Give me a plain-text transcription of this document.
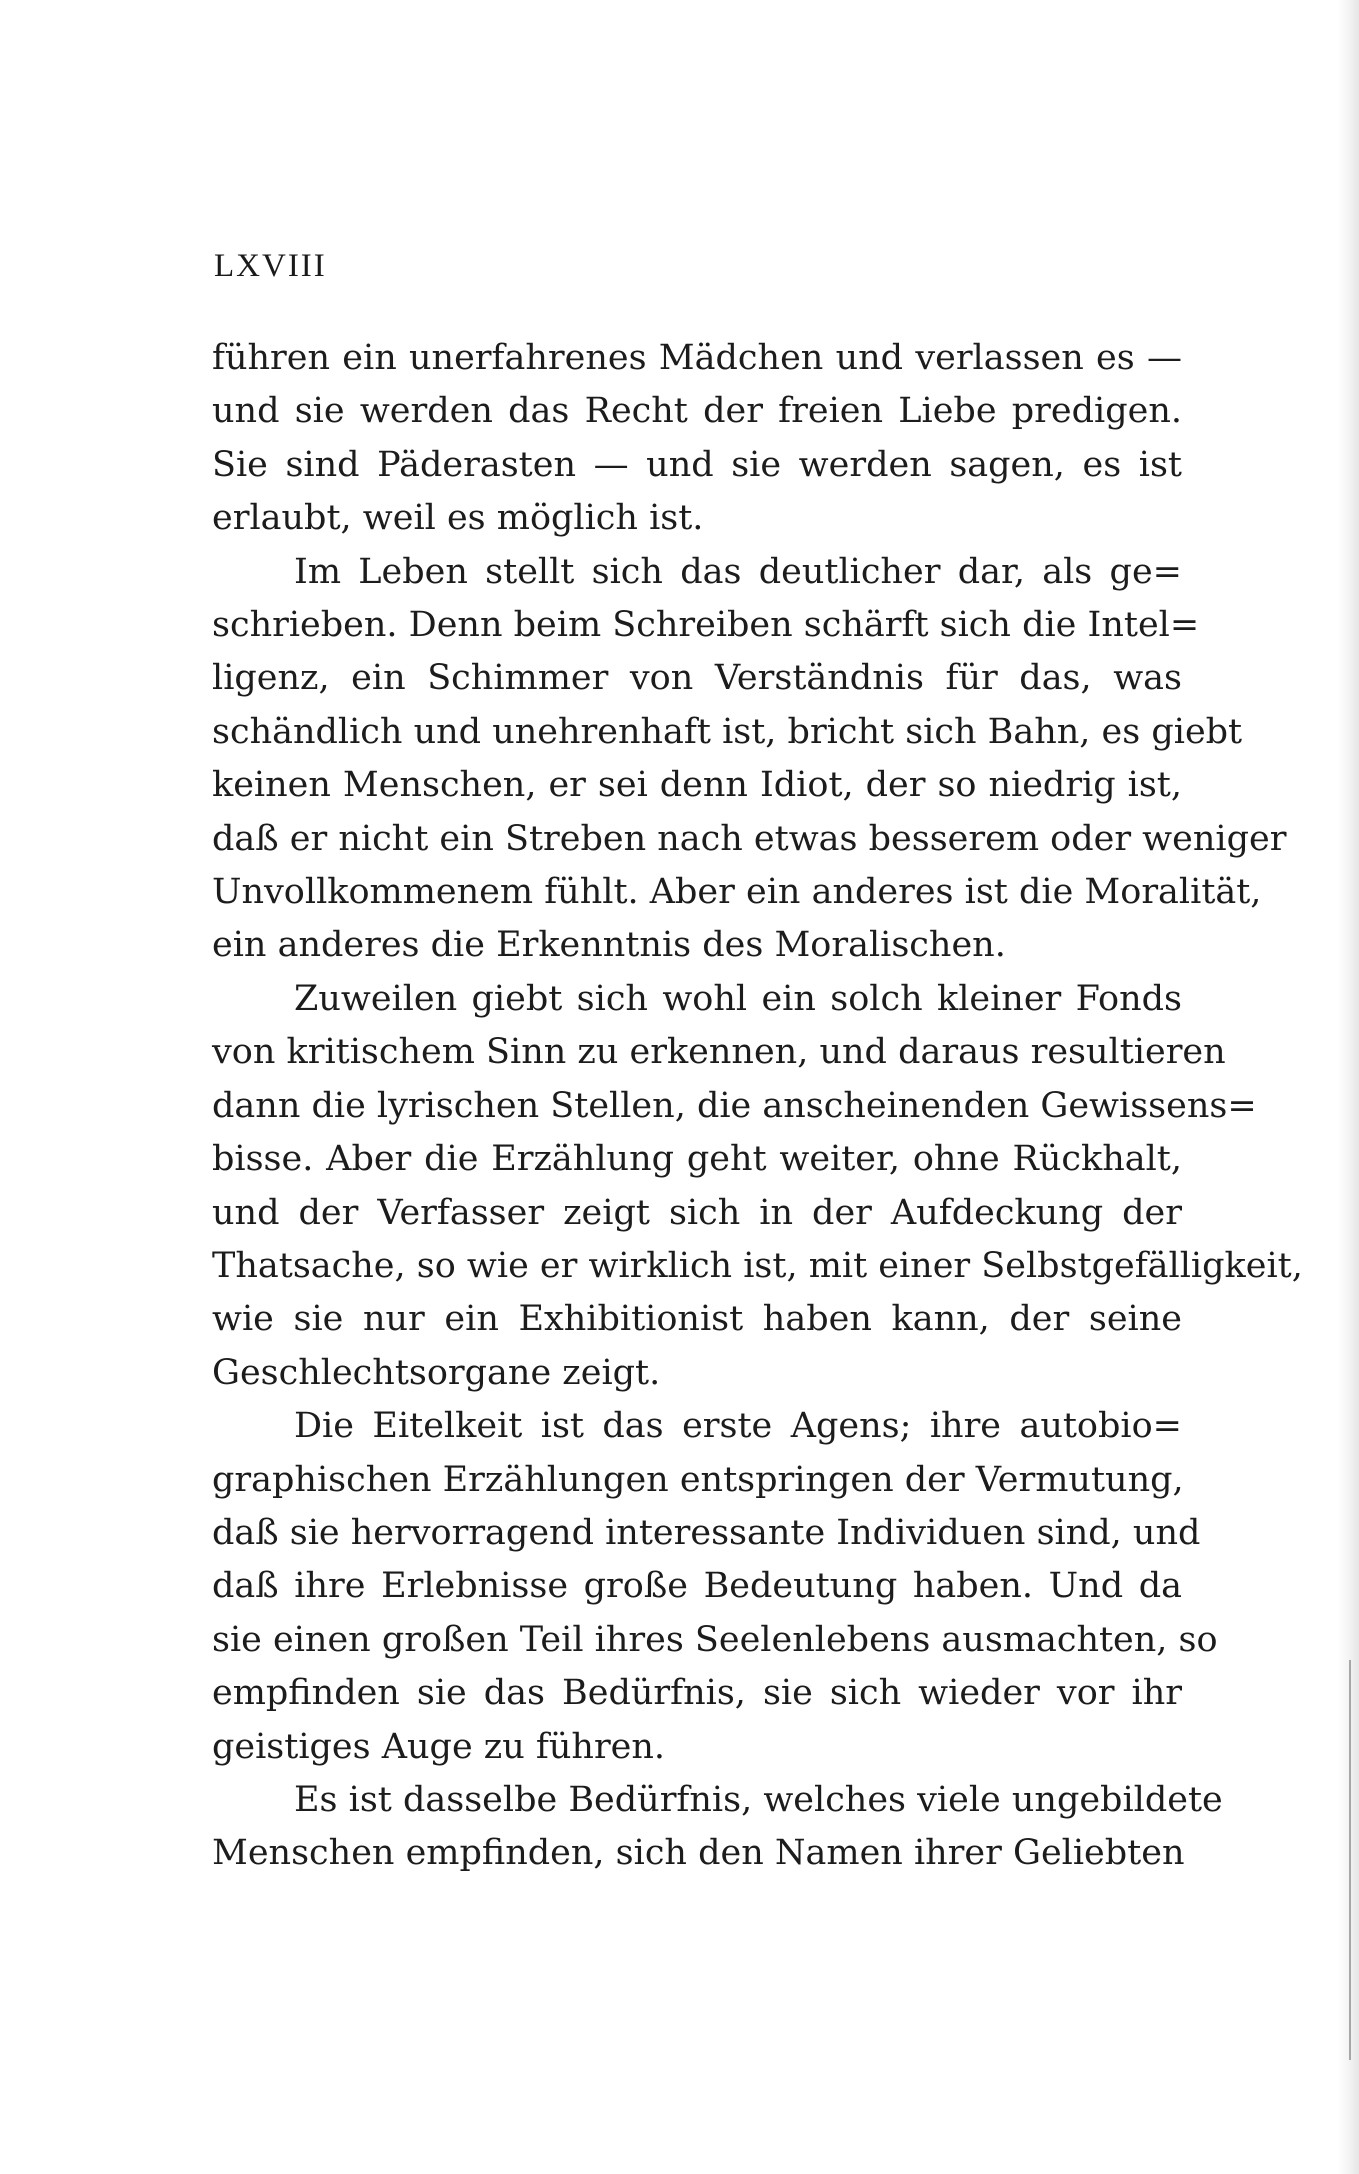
LXVIII
führen ein unerfahrenes Mädchen und verlassen es —
und sie werden das Recht der freien Liebe predigen.
Sie sind Päderasten — und sie werden sagen, es ist
erlaubt, weil es möglich ist.
Im Leben stellt sich das deutlicher dar, als ge=
schrieben. Denn beim Schreiben schärft sich die Intel=
ligenz, ein Schimmer von Verständnis für das, was
schändlich und unehrenhaft ist, bricht sich Bahn, es giebt
keinen Menschen, er sei denn Idiot, der so niedrig ist,
daß er nicht ein Streben nach etwas besserem oder weniger
Unvollkommenem fühlt. Aber ein anderes ist die Moralität,
ein anderes die Erkenntnis des Moralischen.
Zuweilen giebt sich wohl ein solch kleiner Fonds
von kritischem Sinn zu erkennen, und daraus resultieren
dann die lyrischen Stellen, die anscheinenden Gewissens=
bisse. Aber die Erzählung geht weiter, ohne Rückhalt,
und der Verfasser zeigt sich in der Aufdeckung der
Thatsache, so wie er wirklich ist, mit einer Selbstgefälligkeit,
wie sie nur ein Exhibitionist haben kann, der seine
Geschlechtsorgane zeigt.
Die Eitelkeit ist das erste Agens; ihre autobio=
graphischen Erzählungen entspringen der Vermutung,
daß sie hervorragend interessante Individuen sind, und
daß ihre Erlebnisse große Bedeutung haben. Und da
sie einen großen Teil ihres Seelenlebens ausmachten, so
empfinden sie das Bedürfnis, sie sich wieder vor ihr
geistiges Auge zu führen.
Es ist dasselbe Bedürfnis, welches viele ungebildete
Menschen empfinden, sich den Namen ihrer Geliebten
